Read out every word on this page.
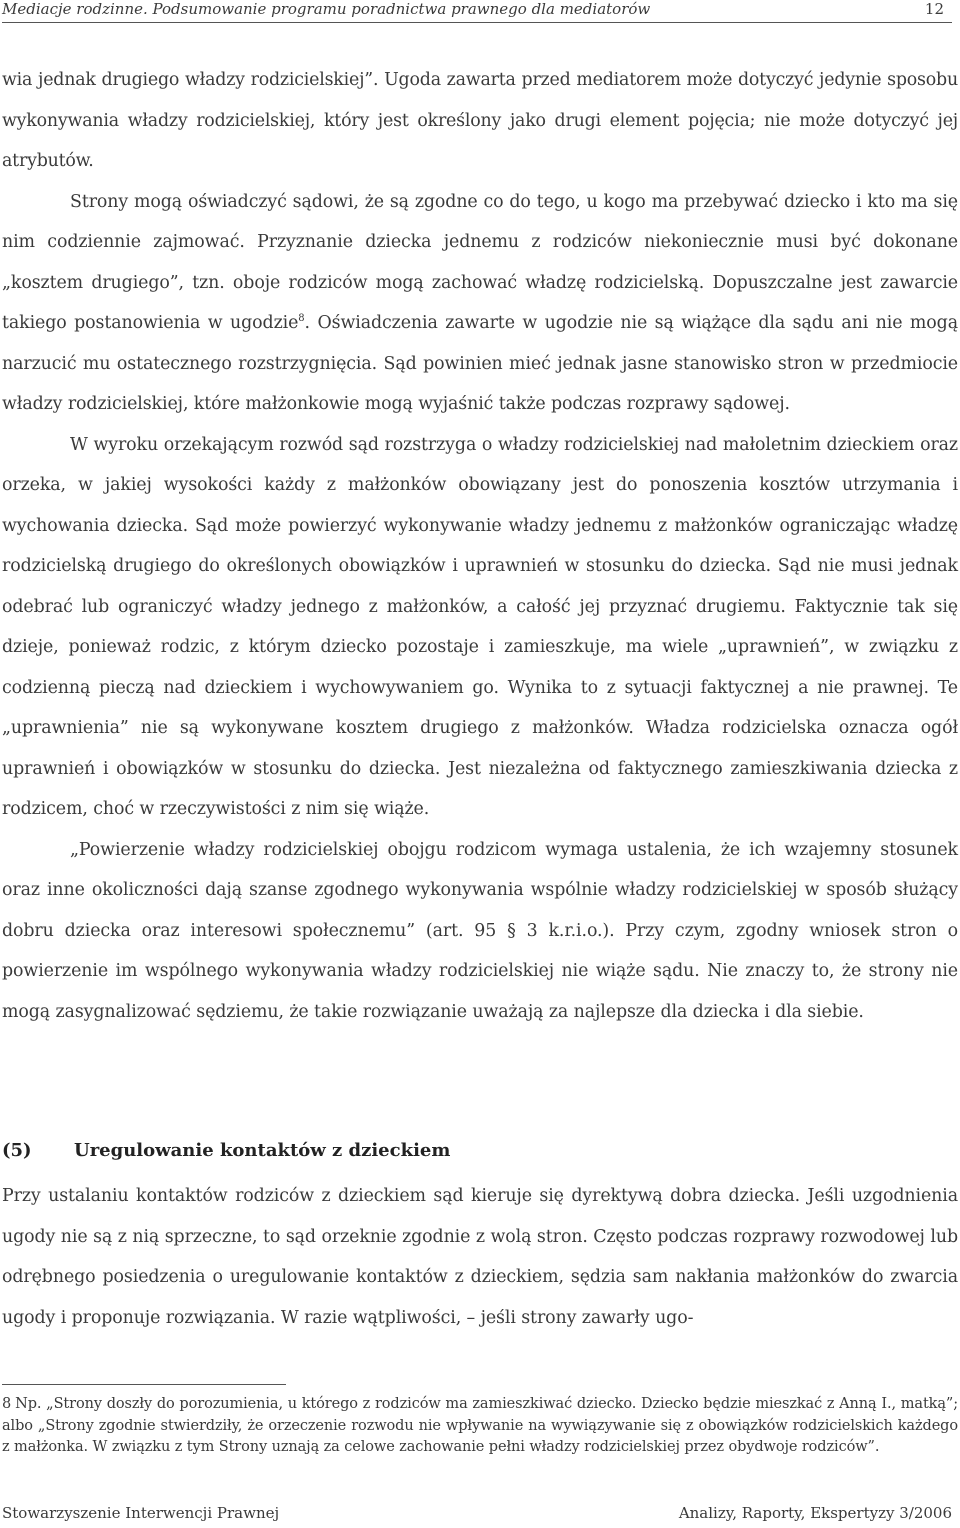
Mediacje rodzinne. Podsumowanie programu poradnictwa prawnego dla mediatorów	12

wia jednak drugiego władzy rodzicielskiej”. Ugoda zawarta przed mediatorem może dotyczyć jedynie sposobu wykonywania władzy rodzicielskiej, który jest określony jako drugi element pojęcia; nie może dotyczyć jej atrybutów.

Strony mogą oświadczyć sądowi, że są zgodne co do tego, u kogo ma przebywać dziecko i kto ma się nim codziennie zajmować. Przyznanie dziecka jednemu z rodziców niekoniecznie musi być dokonane „kosztem drugiego”, tzn. oboje rodziców mogą zachować władzę rodzicielską. Dopuszczalne jest zawarcie takiego postanowienia w ugodzie$^8$. Oświadczenia zawarte w ugodzie nie są wiążące dla sądu ani nie mogą narzucić mu ostatecznego rozstrzygnięcia. Sąd powinien mieć jednak jasne stanowisko stron w przedmiocie władzy rodzicielskiej, które małżonkowie mogą wyjaśnić także podczas rozprawy sądowej.

W wyroku orzekającym rozwód sąd rozstrzyga o władzy rodzicielskiej nad małoletnim dzieckiem oraz orzeka, w jakiej wysokości każdy z małżonków obowiązany jest do ponoszenia kosztów utrzymania i wychowania dziecka. Sąd może powierzyć wykonywanie władzy jednemu z małżonków ograniczając władzę rodzicielską drugiego do określonych obowiązków i uprawnień w stosunku do dziecka. Sąd nie musi jednak odebrać lub ograniczyć władzy jednego z małżonków, a całość jej przyznać drugiemu. Faktycznie tak się dzieje, ponieważ rodzic, z którym dziecko pozostaje i zamieszkuje, ma wiele „uprawnień”, w związku z codzienną pieczą nad dzieckiem i wychowywaniem go. Wynika to z sytuacji faktycznej a nie prawnej. Te „uprawnienia” nie są wykonywane kosztem drugiego z małżonków. Władza rodzicielska oznacza ogół uprawnień i obowiązków w stosunku do dziecka. Jest niezależna od faktycznego zamieszkiwania dziecka z rodzicem, choć w rzeczywistości z nim się wiąże.

„Powierzenie władzy rodzicielskiej obojgu rodzicom wymaga ustalenia, że ich wzajemny stosunek oraz inne okoliczności dają szanse zgodnego wykonywania wspólnie władzy rodzicielskiej w sposób służący dobru dziecka oraz interesowi społecznemu” (art. 95 § 3 k.r.i.o.). Przy czym, zgodny wniosek stron o powierzenie im wspólnego wykonywania władzy rodzicielskiej nie wiąże sądu. Nie znaczy to, że strony nie mogą zasygnalizować sędziemu, że takie rozwiązanie uważają za najlepsze dla dziecka i dla siebie.

(5) Uregulowanie kontaktów z dzieckiem

Przy ustalaniu kontaktów rodziców z dzieckiem sąd kieruje się dyrektywą dobra dziecka. Jeśli uzgodnienia ugody nie są z nią sprzeczne, to sąd orzeknie zgodnie z wolą stron. Często podczas rozprawy rozwodowej lub odrębnego posiedzenia o uregulowanie kontaktów z dzieckiem, sędzia sam nakłania małżonków do zwarcia ugody i proponuje rozwiązania. W razie wątpliwości, – jeśli strony zawarły ugo-

8 Np. „Strony doszły do porozumienia, u którego z rodziców ma zamieszkiwać dziecko. Dziecko będzie mieszkać z Anną I., matką”; albo „Strony zgodnie stwierdziły, że orzeczenie rozwodu nie wpływanie na wywiązywanie się z obowiązków rodzicielskich każdego z małżonka. W związku z tym Strony uznają za celowe zachowanie pełni władzy rodzicielskiej przez obydwoje rodziców”.
Stowarzyszenie Interwencji Prawnej	Analizy, Raporty, Ekspertyzy 3/2006
